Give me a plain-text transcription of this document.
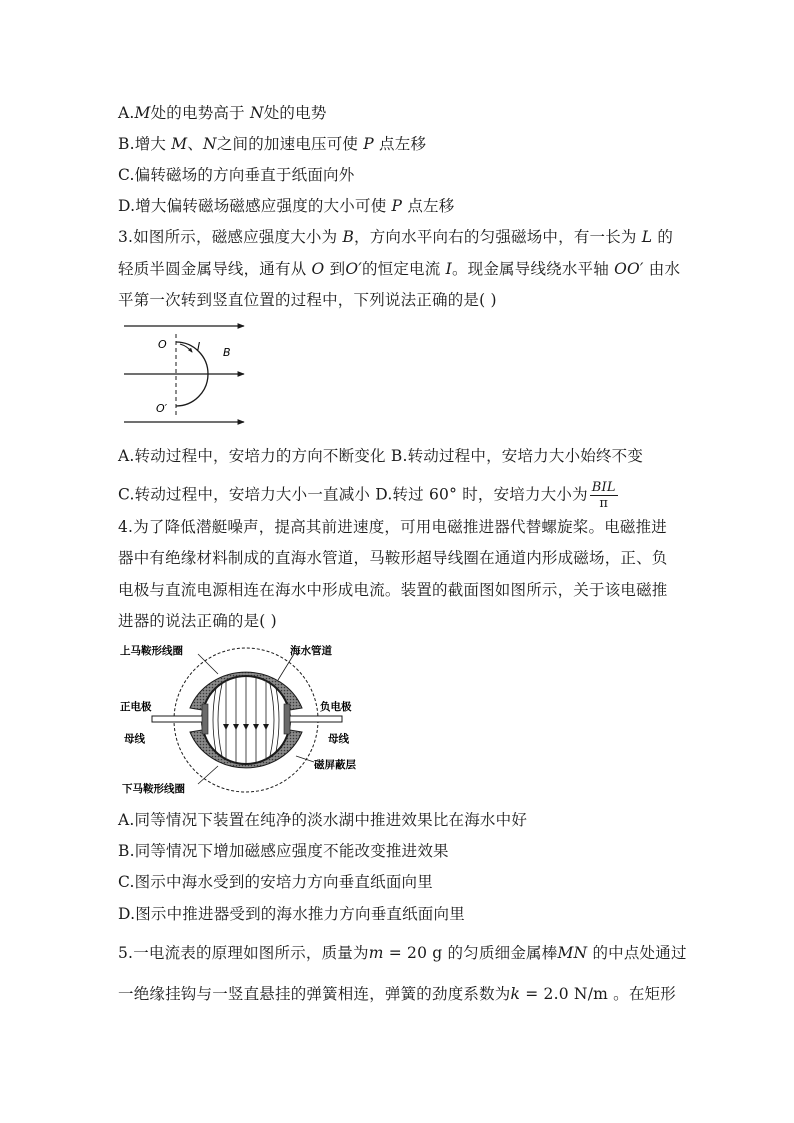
A.M处的电势高于 N处的电势
B.增大 M、N之间的加速电压可使 P 点左移
C.偏转磁场的方向垂直于纸面向外
D.增大偏转磁场磁感应强度的大小可使 P 点左移
3.如图所示，磁感应强度大小为 B，方向水平向右的匀强磁场中，有一长为 L 的
轻质半圆金属导线，通有从 O 到O′的恒定电流 I。现金属导线绕水平轴 OO′ 由水
平第一次转到竖直位置的过程中，下列说法正确的是( )
O
O′
I B
A.转动过程中，安培力的方向不断变化 B.转动过程中，安培力大小始终不变
C.转动过程中，安培力大小一直减小 D.转过 60° 时，安培力大小为 $\frac{\text{BIL}}{\pi}$
4.为了降低潜艇噪声，提高其前进速度，可用电磁推进器代替螺旋桨。电磁推进
器中有绝缘材料制成的直海水管道，马鞍形超导线圈在通道内形成磁场，正、负
电极与直流电源相连在海水中形成电流。装置的截面图如图所示，关于该电磁推
进器的说法正确的是( )
上马鞍形线圈	海水管道
正电极	负电极
母线	母线
磁屏蔽层
下马鞍形线圈
A.同等情况下装置在纯净的淡水湖中推进效果比在海水中好
B.同等情况下增加磁感应强度不能改变推进效果
C.图示中海水受到的安培力方向垂直纸面向里
D.图示中推进器受到的海水推力方向垂直纸面向里
5.一电流表的原理如图所示，质量为m = 20 g 的匀质细金属棒MN 的中点处通过
一绝缘挂钩与一竖直悬挂的弹簧相连，弹簧的劲度系数为k = 2.0 N/m 。在矩形
